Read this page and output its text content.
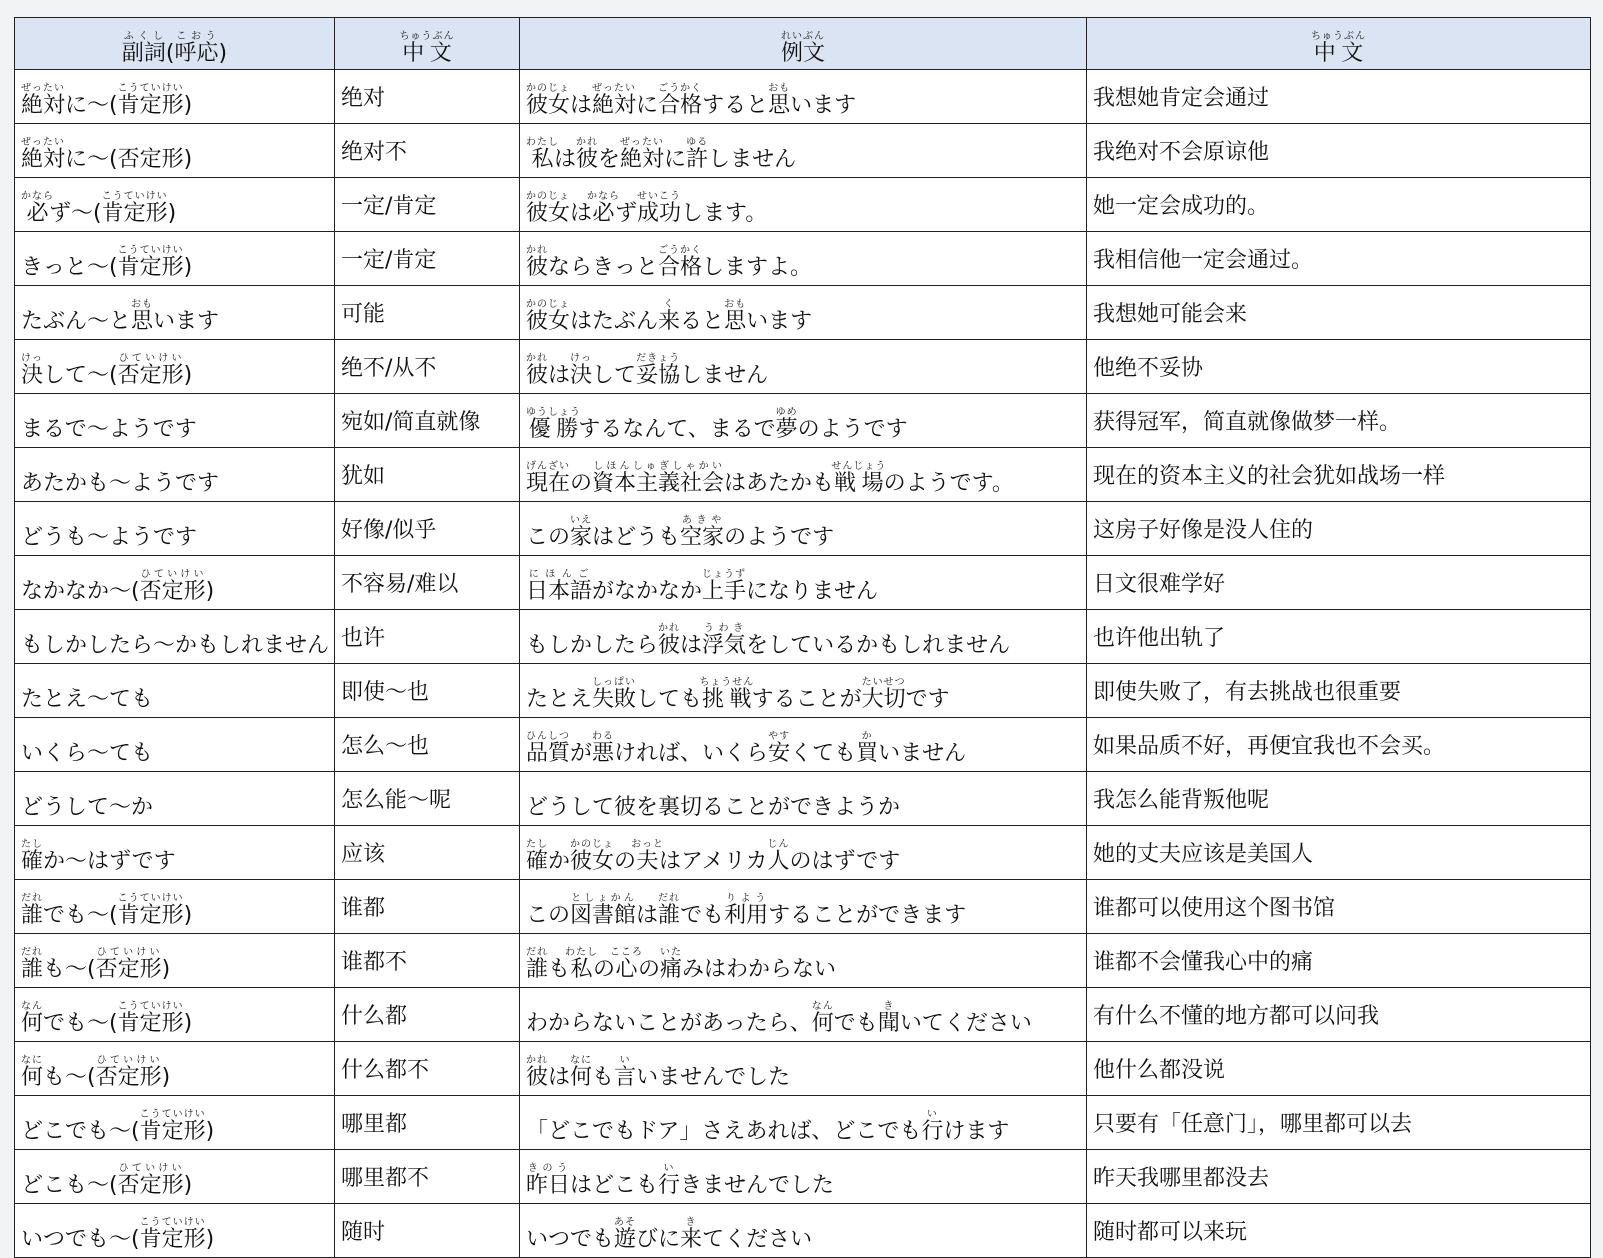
副詞ふくし(呼応こおう)	中文ちゅうぶん	例文れいぶん	中文ちゅうぶん
絶対ぜったいに～(肯定形こうていけい)	绝对	彼女かのじょは絶対ぜったいに合格ごうかくすると思おもいます	我想她肯定会通过
絶対ぜったいに～(否定形)	绝对不	私わたしは彼かれを絶対ぜったいに許ゆるしません	我绝对不会原谅他
必かならず～(肯定形こうていけい)	一定/肯定	彼女かのじょは必かならず成功せいこうします。	她一定会成功的。
きっと～(肯定形こうていけい)	一定/肯定	彼かれならきっと合格ごうかくしますよ。	我相信他一定会通过。
たぶん～と思おもいます	可能	彼女かのじょはたぶん来くると思おもいます	我想她可能会来
決けっして～(否定形ひていけい)	绝不/从不	彼かれは決けっして妥協だきょうしません	他绝不妥协
まるで～ようです	宛如/简直就像	優勝ゆうしょうするなんて、まるで夢ゆめのようです	获得冠军，简直就像做梦一样。
あたかも～ようです	犹如	現在げんざいの資本主義社会しほんしゅぎしゃかいはあたかも戦場せんじょうのようです。	现在的资本主义的社会犹如战场一样
どうも～ようです	好像/似乎	この家いえはどうも空家あきやのようです	这房子好像是没人住的
なかなか～(否定形ひていけい)	不容易/难以	日本語にほんごがなかなか上手じょうずになりません	日文很难学好
もしかしたら～かもしれません	也许	もしかしたら彼かれは浮気うわきをしているかもしれません	也许他出轨了
たとえ～ても	即使～也	たとえ失敗しっぱいしても挑戦ちょうせんすることが大切たいせつです	即使失败了，有去挑战也很重要
いくら～ても	怎么～也	品質ひんしつが悪わるければ、いくら安やすくても買かいません	如果品质不好，再便宜我也不会买。
どうして～か	怎么能～呢	どうして彼を裏切ることができようか	我怎么能背叛他呢
確たしか～はずです	应该	確たしか彼女かのじょの夫おっとはアメリカ人じんのはずです	她的丈夫应该是美国人
誰だれでも～(肯定形こうていけい)	谁都	この図書館としょかんは誰だれでも利用りようすることができます	谁都可以使用这个图书馆
誰だれも～(否定形ひていけい)	谁都不	誰だれも私わたしの心こころの痛いたみはわからない	谁都不会懂我心中的痛
何なんでも～(肯定形こうていけい)	什么都	わからないことがあったら、何なんでも聞きいてください	有什么不懂的地方都可以问我
何なにも～(否定形ひていけい)	什么都不	彼かれは何なにも言いいませんでした	他什么都没说
どこでも～(肯定形こうていけい)	哪里都	「どこでもドア」さえあれば、どこでも行いけます	只要有「任意门」，哪里都可以去
どこも～(否定形ひていけい)	哪里都不	昨日きのうはどこも行いきませんでした	昨天我哪里都没去
いつでも～(肯定形こうていけい)	随时	いつでも遊あそびに来きてください	随时都可以来玩
